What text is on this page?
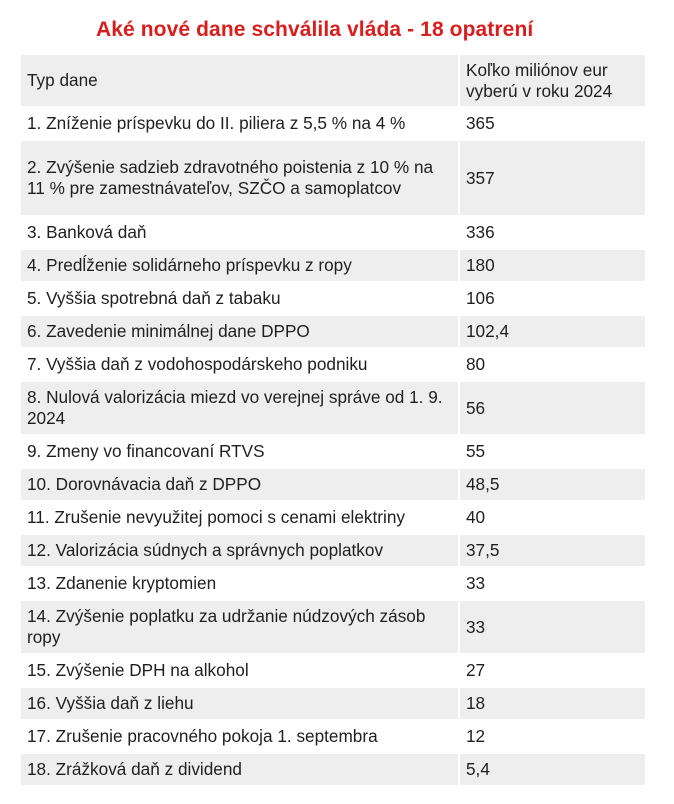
Aké nové dane schválila vláda - 18 opatrení
Typ dane	Koľko miliónov eur vyberú v roku 2024
1. Zníženie príspevku do II. piliera z 5,5 % na 4 %	365
2. Zvýšenie sadzieb zdravotného poistenia z 10 % na 11 % pre zamestnávateľov, SZČO a samoplatcov	357
3. Banková daň	336
4. Predĺženie solidárneho príspevku z ropy	180
5. Vyššia spotrebná daň z tabaku	106
6. Zavedenie minimálnej dane DPPO	102,4
7. Vyššia daň z vodohospodárskeho podniku	80
8. Nulová valorizácia miezd vo verejnej správe od 1. 9. 2024	56
9. Zmeny vo financovaní RTVS	55
10. Dorovnávacia daň z DPPO	48,5
11. Zrušenie nevyužitej pomoci s cenami elektriny	40
12. Valorizácia súdnych a správnych poplatkov	37,5
13. Zdanenie kryptomien	33
14. Zvýšenie poplatku za udržanie núdzových zásob ropy	33
15. Zvýšenie DPH na alkohol	27
16. Vyššia daň z liehu	18
17. Zrušenie pracovného pokoja 1. septembra	12
18. Zrážková daň z dividend	5,4
